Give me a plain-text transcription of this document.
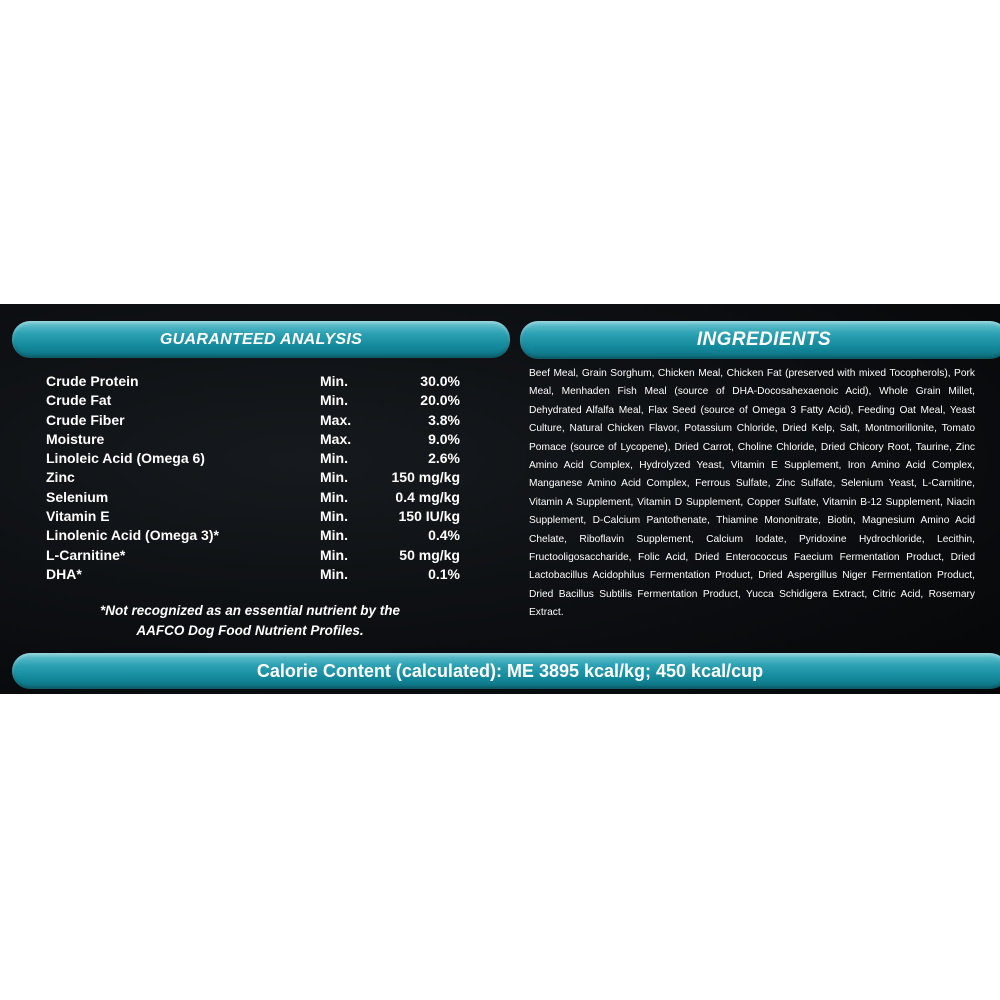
GUARANTEED ANALYSIS
Crude Protein	Min.	30.0%
Crude Fat	Min.	20.0%
Crude Fiber	Max.	3.8%
Moisture	Max.	9.0%
Linoleic Acid (Omega 6)	Min.	2.6%
Zinc	Min.	150 mg/kg
Selenium	Min.	0.4 mg/kg
Vitamin E	Min.	150 IU/kg
Linolenic Acid (Omega 3)*	Min.	0.4%
L-Carnitine*	Min.	50 mg/kg
DHA*	Min.	0.1%
*Not recognized as an essential nutrient by the AAFCO Dog Food Nutrient Profiles.
INGREDIENTS
Beef Meal, Grain Sorghum, Chicken Meal, Chicken Fat (preserved with mixed Tocopherols), Pork Meal, Menhaden Fish Meal (source of DHA-Docosahexaenoic Acid), Whole Grain Millet, Dehydrated Alfalfa Meal, Flax Seed (source of Omega 3 Fatty Acid), Feeding Oat Meal, Yeast Culture, Natural Chicken Flavor, Potassium Chloride, Dried Kelp, Salt, Montmorillonite, Tomato Pomace (source of Lycopene), Dried Carrot, Choline Chloride, Dried Chicory Root, Taurine, Zinc Amino Acid Complex, Hydrolyzed Yeast, Vitamin E Supplement, Iron Amino Acid Complex, Manganese Amino Acid Complex, Ferrous Sulfate, Zinc Sulfate, Selenium Yeast, L-Carnitine, Vitamin A Supplement, Vitamin D Supplement, Copper Sulfate, Vitamin B-12 Supplement, Niacin Supplement, D-Calcium Pantothenate, Thiamine Mononitrate, Biotin, Magnesium Amino Acid Chelate, Riboflavin Supplement, Calcium Iodate, Pyridoxine Hydrochloride, Lecithin, Fructooligosaccharide, Folic Acid, Dried Enterococcus Faecium Fermentation Product, Dried Lactobacillus Acidophilus Fermentation Product, Dried Aspergillus Niger Fermentation Product, Dried Bacillus Subtilis Fermentation Product, Yucca Schidigera Extract, Citric Acid, Rosemary Extract.
Calorie Content (calculated): ME 3895 kcal/kg; 450 kcal/cup
